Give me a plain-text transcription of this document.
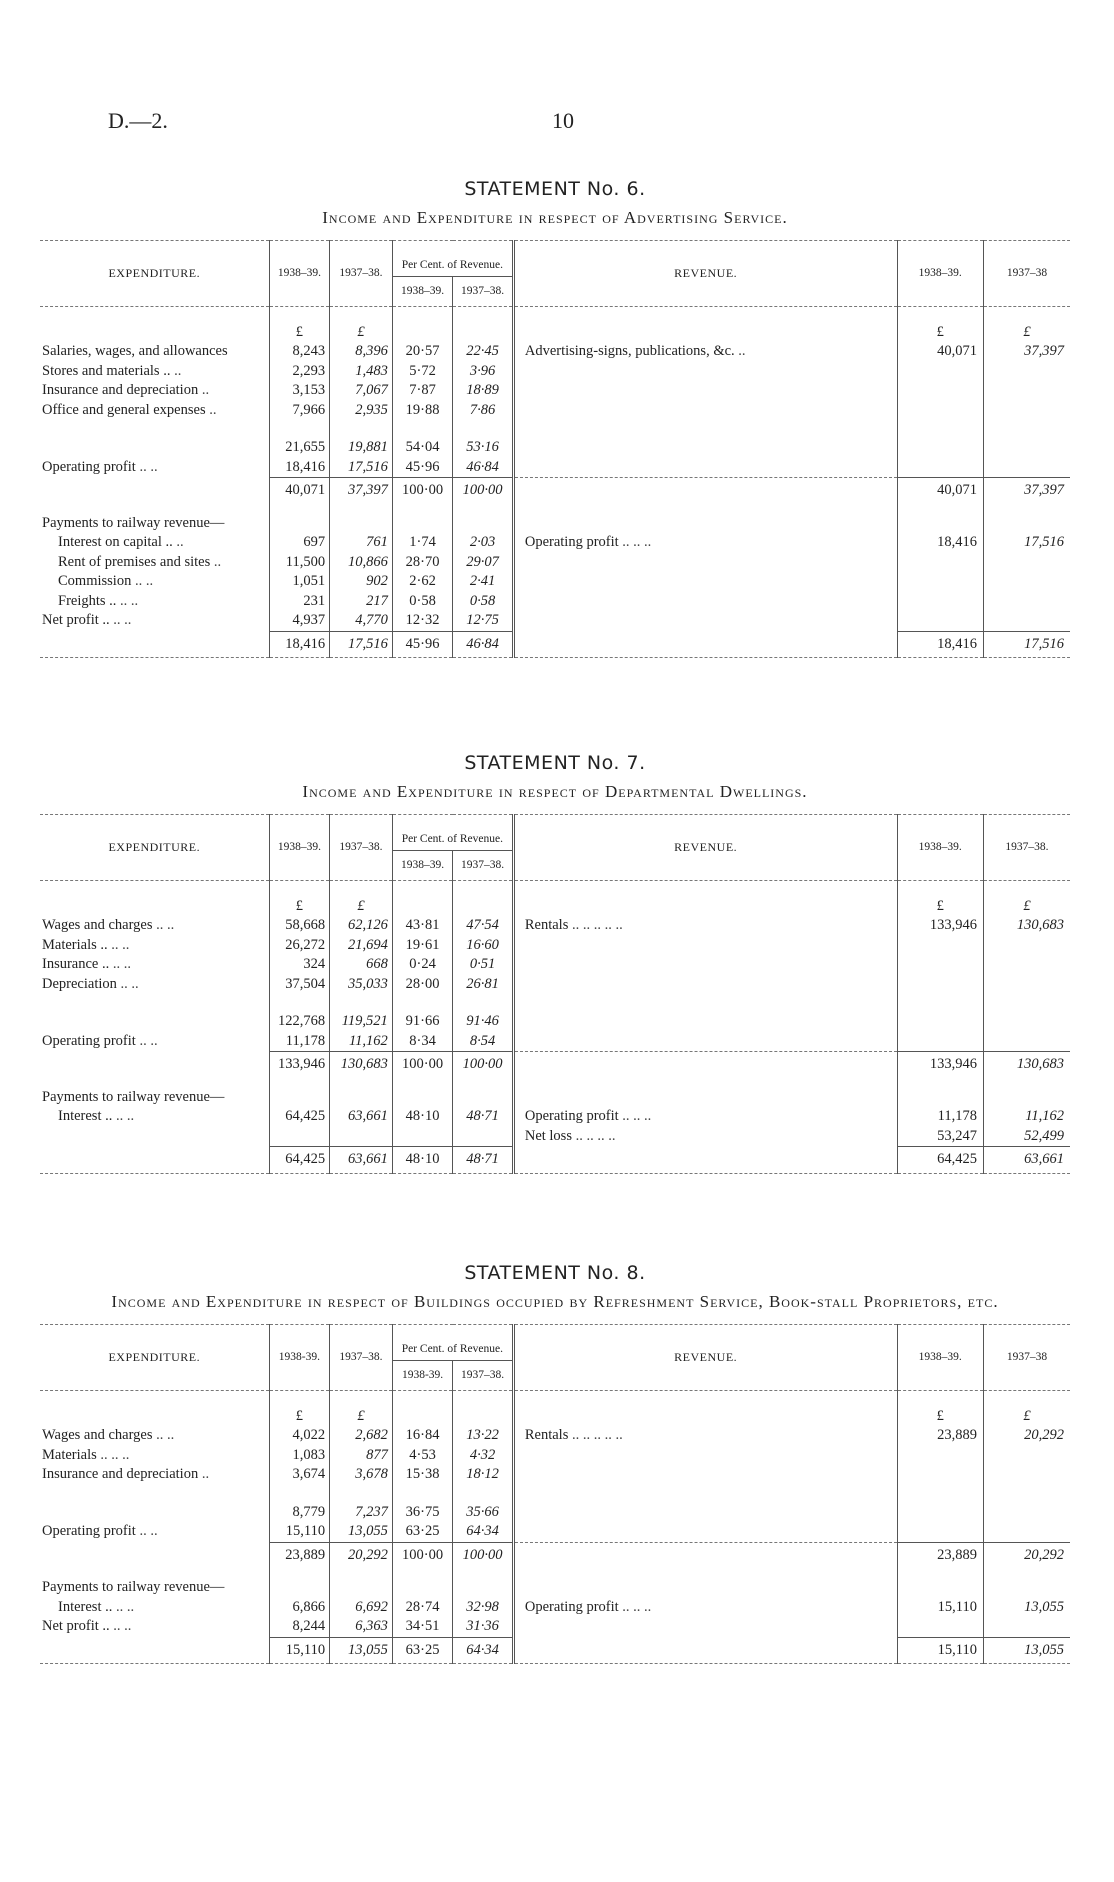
D.—2.	10
STATEMENT No. 6.
Income and Expenditure in respect of Advertising Service.
EXPENDITURE.	1938–39.	1937–38.	Per Cent. of Revenue.		REVENUE.	1938–39.	1937–38
			1938–39.	1937–38.			

	£	£				£	£
Salaries, wages, and allowances	8,243	8,396	20·57	22·45	Advertising-signs, publications, &c. ..	40,071	37,397
Stores and materials .. ..	2,293	1,483	5·72	3·96			
Insurance and depreciation ..	3,153	7,067	7·87	18·89			
Office and general expenses ..	7,966	2,935	19·88	7·86			

	21,655	19,881	54·04	53·16			
Operating profit .. ..	18,416	17,516	45·96	46·84			
	40,071	37,397	100·00	100·00		40,071	37,397

Payments to railway revenue—							
Interest on capital .. ..	697	761	1·74	2·03	Operating profit .. .. ..	18,416	17,516
Rent of premises and sites ..	11,500	10,866	28·70	29·07			
Commission .. ..	1,051	902	2·62	2·41			
Freights .. .. ..	231	217	0·58	0·58			
Net profit .. .. ..	4,937	4,770	12·32	12·75			
	18,416	17,516	45·96	46·84		18,416	17,516
STATEMENT No. 7.
Income and Expenditure in respect of Departmental Dwellings.
EXPENDITURE.	1938–39.	1937–38.	Per Cent. of Revenue.		REVENUE.	1938–39.	1937–38.
			1938–39.	1937–38.			

	£	£				£	£
Wages and charges .. ..	58,668	62,126	43·81	47·54	Rentals .. .. .. .. ..	133,946	130,683
Materials .. .. ..	26,272	21,694	19·61	16·60			
Insurance .. .. ..	324	668	0·24	0·51			
Depreciation .. ..	37,504	35,033	28·00	26·81			

	122,768	119,521	91·66	91·46			
Operating profit .. ..	11,178	11,162	8·34	8·54			
	133,946	130,683	100·00	100·00		133,946	130,683

Payments to railway revenue—							
Interest .. .. ..	64,425	63,661	48·10	48·71	Operating profit .. .. ..	11,178	11,162
					Net loss .. .. .. ..	53,247	52,499
	64,425	63,661	48·10	48·71		64,425	63,661
STATEMENT No. 8.
Income and Expenditure in respect of Buildings occupied by Refreshment Service, Book-stall Proprietors, etc.
EXPENDITURE.	1938-39.	1937–38.	Per Cent. of Revenue.		REVENUE.	1938–39.	1937–38
			1938-39.	1937–38.			

	£	£				£	£
Wages and charges .. ..	4,022	2,682	16·84	13·22	Rentals .. .. .. .. ..	23,889	20,292
Materials .. .. ..	1,083	877	4·53	4·32			
Insurance and depreciation ..	3,674	3,678	15·38	18·12			

	8,779	7,237	36·75	35·66			
Operating profit .. ..	15,110	13,055	63·25	64·34			
	23,889	20,292	100·00	100·00		23,889	20,292

Payments to railway revenue—							
Interest .. .. ..	6,866	6,692	28·74	32·98	Operating profit .. .. ..	15,110	13,055
Net profit .. .. ..	8,244	6,363	34·51	31·36			
	15,110	13,055	63·25	64·34		15,110	13,055
